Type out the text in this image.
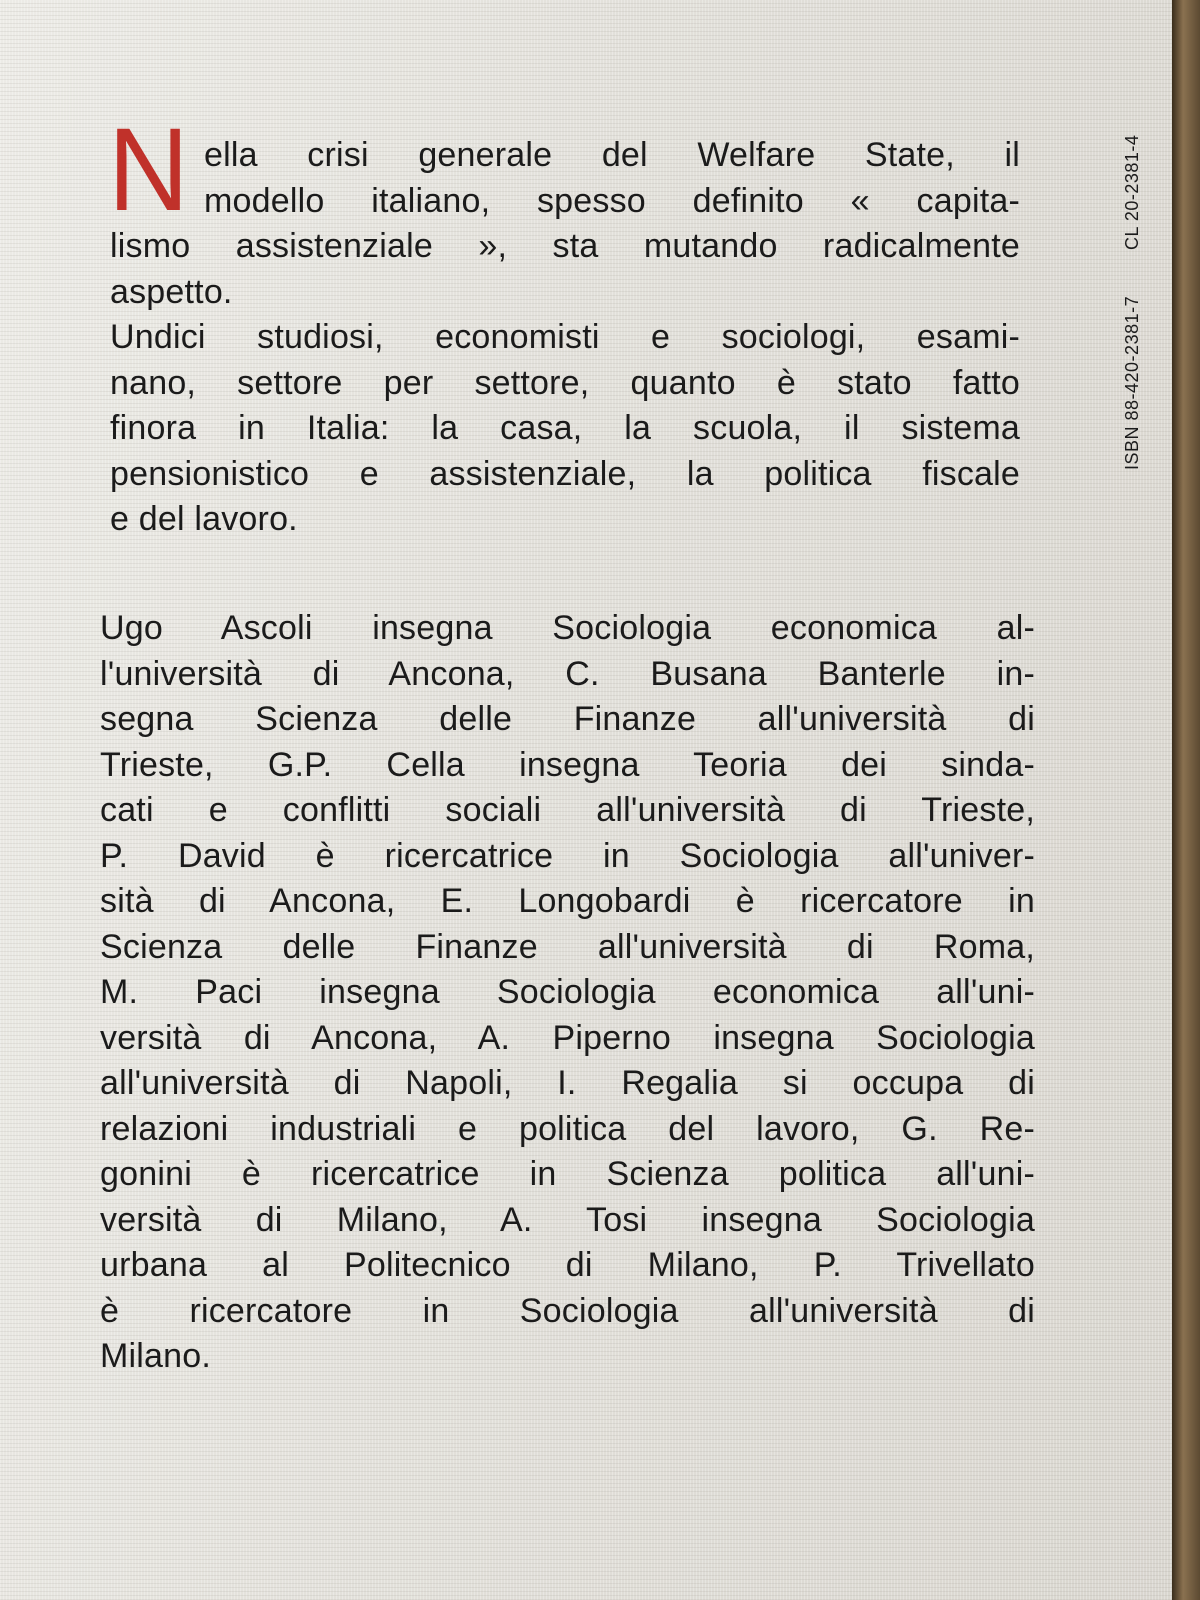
N ella crisi generale del Welfare State, il
modello italiano, spesso definito « capita-
lismo assistenziale », sta mutando radicalmente
aspetto.
Undici studiosi, economisti e sociologi, esami-
nano, settore per settore, quanto è stato fatto
finora in Italia: la casa, la scuola, il sistema
pensionistico e assistenziale, la politica fiscale
e del lavoro.
Ugo Ascoli insegna Sociologia economica al-
l'università di Ancona, C. Busana Banterle in-
segna Scienza delle Finanze all'università di
Trieste, G.P. Cella insegna Teoria dei sinda-
cati e conflitti sociali all'università di Trieste,
P. David è ricercatrice in Sociologia all'univer-
sità di Ancona, E. Longobardi è ricercatore in
Scienza delle Finanze all'università di Roma,
M. Paci insegna Sociologia economica all'uni-
versità di Ancona, A. Piperno insegna Sociologia
all'università di Napoli, I. Regalia si occupa di
relazioni industriali e politica del lavoro, G. Re-
gonini è ricercatrice in Scienza politica all'uni-
versità di Milano, A. Tosi insegna Sociologia
urbana al Politecnico di Milano, P. Trivellato
è ricercatore in Sociologia all'università di
Milano.
CL 20-2381-4
ISBN 88-420-2381-7
